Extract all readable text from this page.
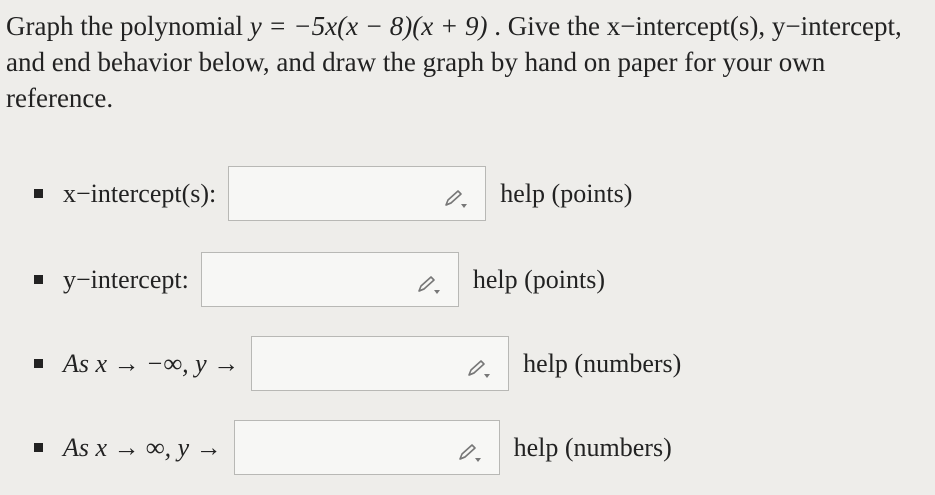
Graph the polynomial y = −5x(x − 8)(x + 9) . Give the x−intercept(s), y−intercept, and end behavior below, and draw the graph by hand on paper for your own reference.
x−intercept(s):	help (points)
y−intercept:	help (points)
As x → −∞, y →	help (numbers)
As x → ∞, y →	help (numbers)
